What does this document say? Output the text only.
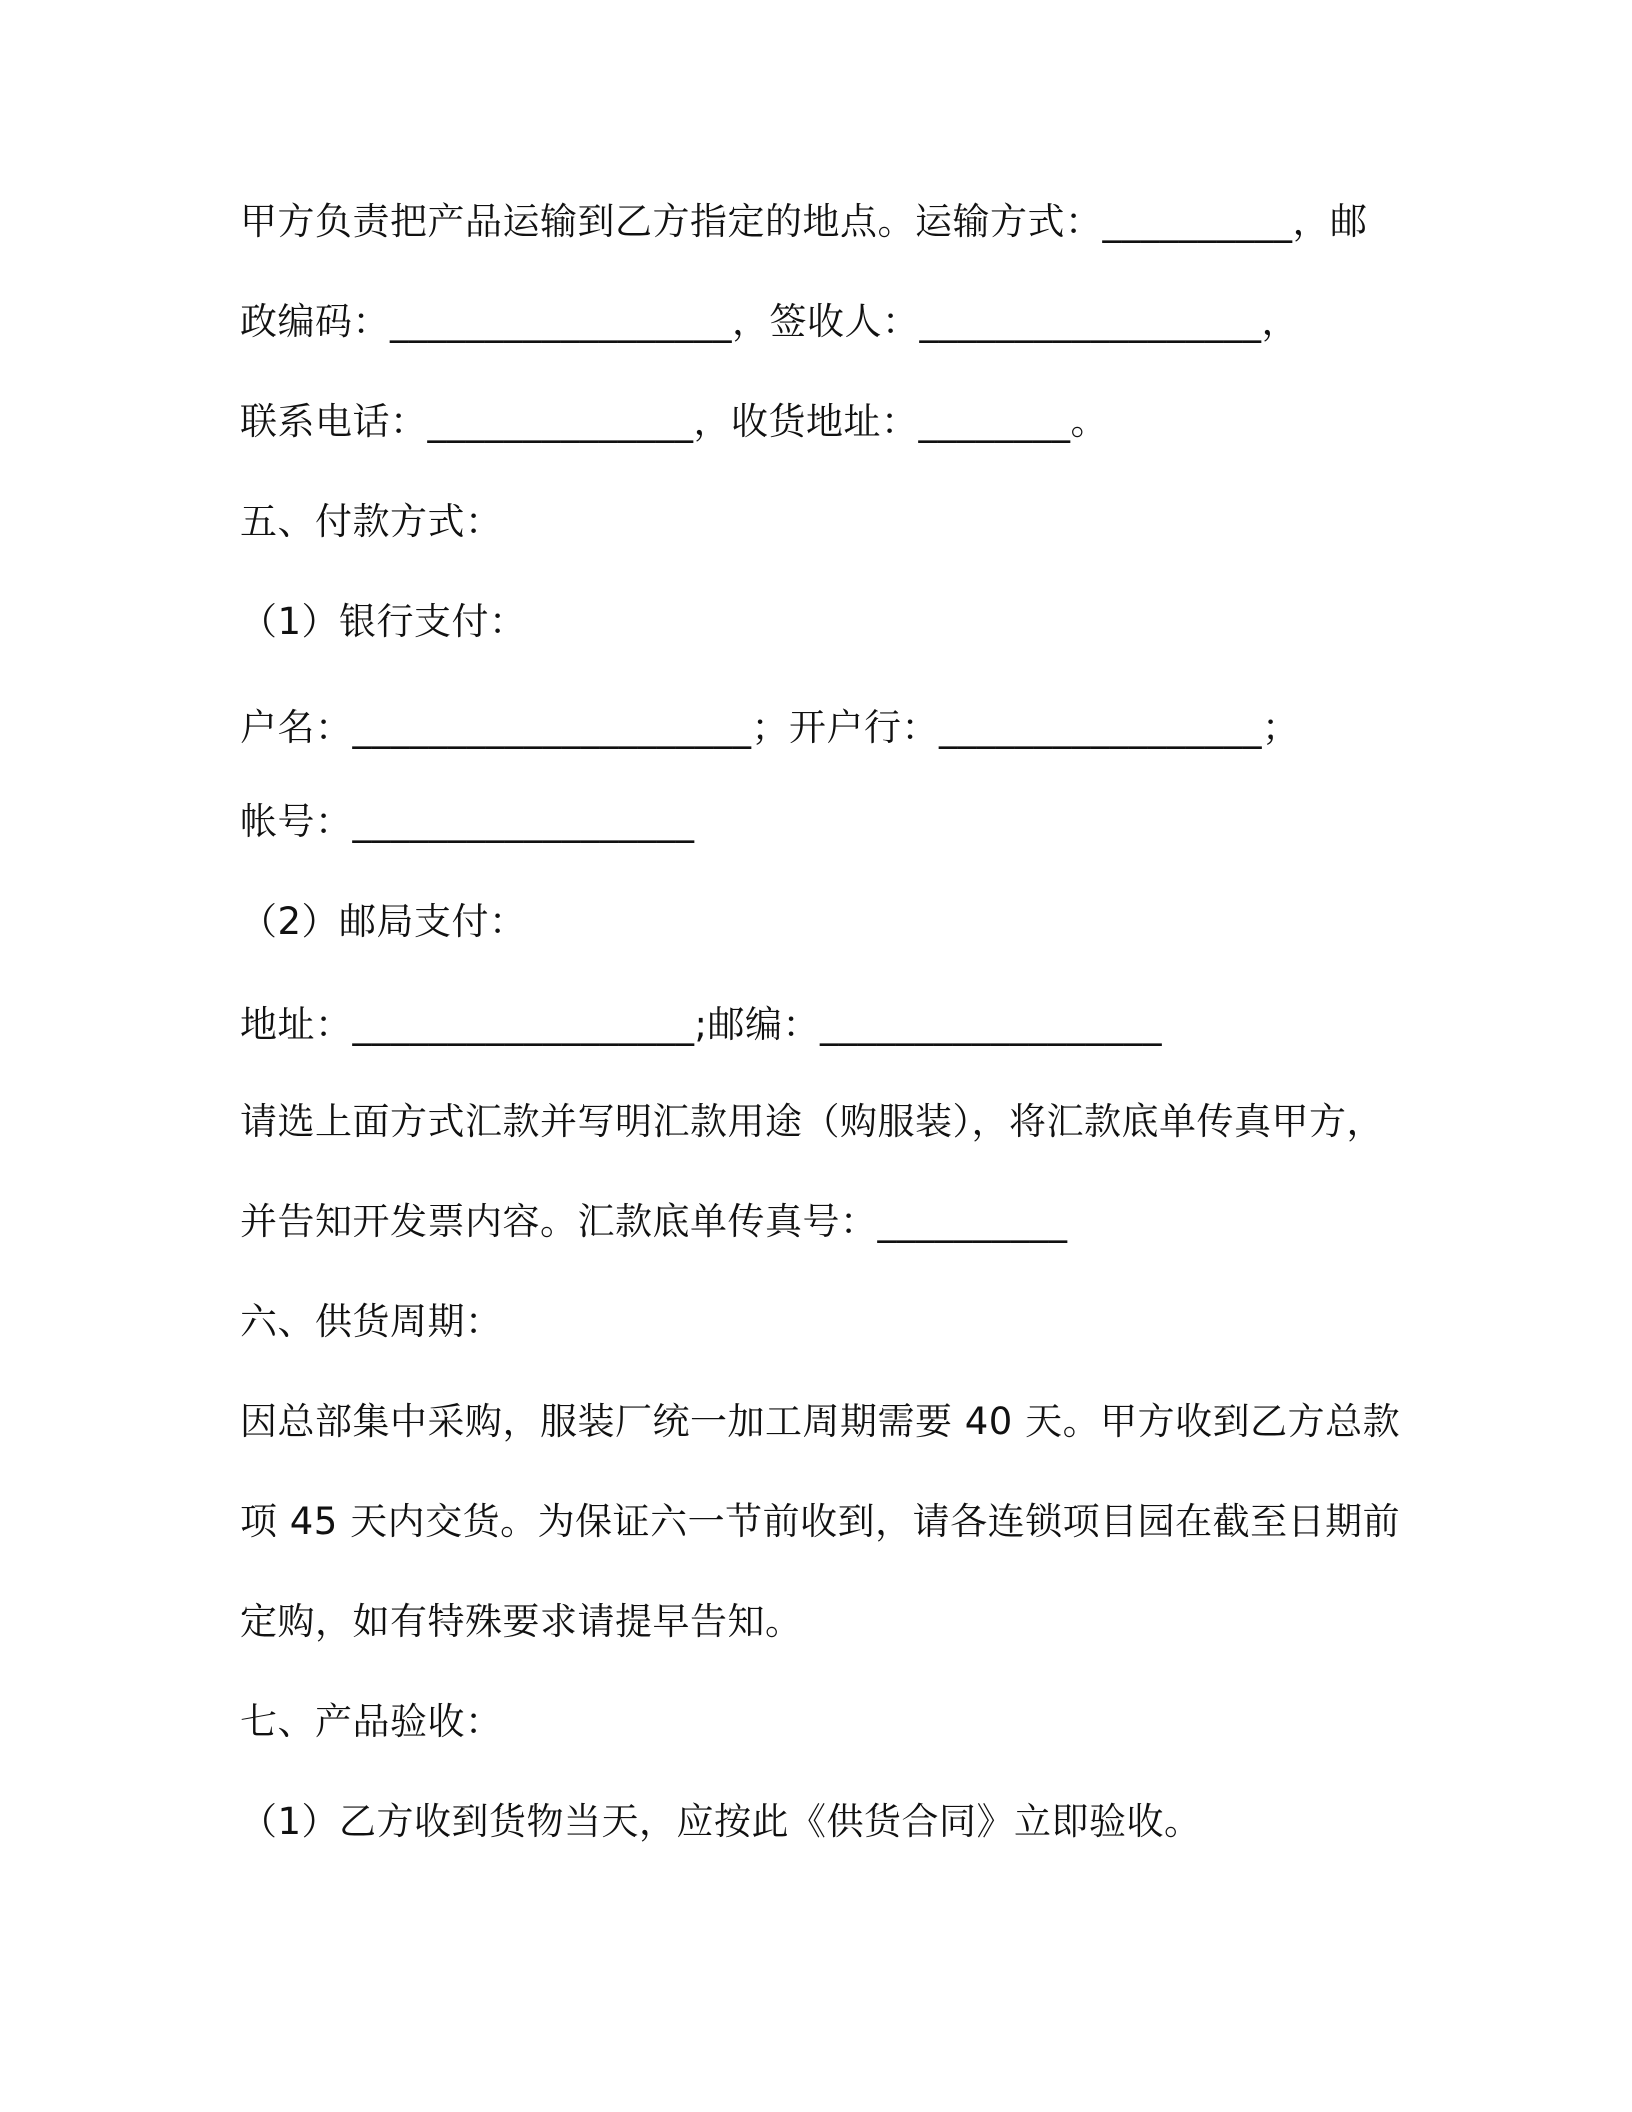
甲方负责把产品运输到乙方指定的地点。运输方式：__________，邮
政编码：__________________，签收人：__________________，
联系电话：______________，收货地址：________。
五、付款方式：
（1）银行支付：
户名：_____________________；开户行：_________________；
帐号：__________________
（2）邮局支付：
地址：__________________;邮编：__________________
请选上面方式汇款并写明汇款用途（购服装），将汇款底单传真甲方，
并告知开发票内容。汇款底单传真号：__________
六、供货周期：
因总部集中采购，服装厂统一加工周期需要 40 天。甲方收到乙方总款
项 45 天内交货。为保证六一节前收到，请各连锁项目园在截至日期前
定购，如有特殊要求请提早告知。
七、产品验收：
（1）乙方收到货物当天，应按此《供货合同》立即验收。
